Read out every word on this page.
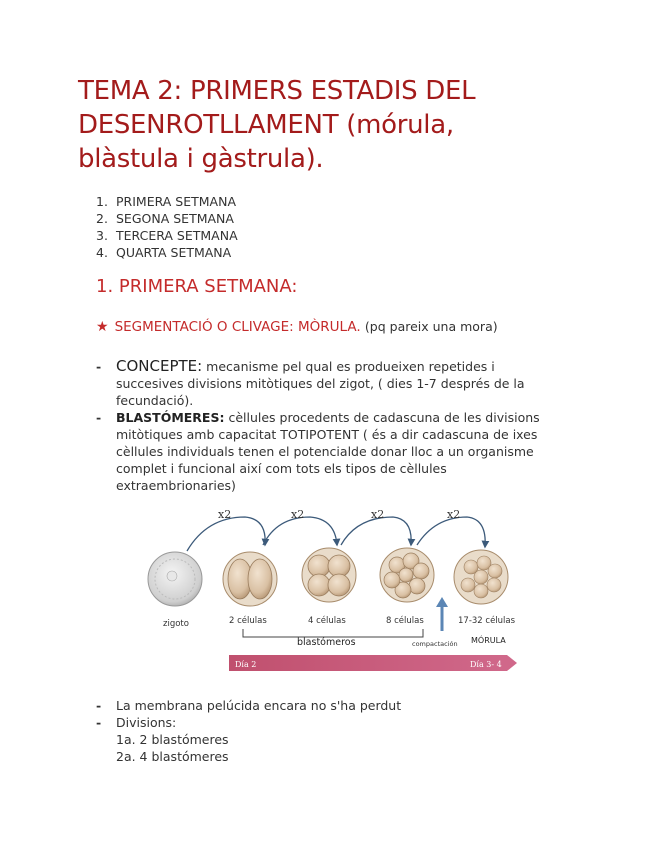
TEMA 2: PRIMERS ESTADIS DEL DESENROTLLAMENT (mórula, blàstula i gàstrula).
1. PRIMERA SETMANA
2. SEGONA SETMANA
3. TERCERA SETMANA
4. QUARTA SETMANA
1. PRIMERA SETMANA:
★ SEGMENTACIÓ O CLIVAGE: MÒRULA. (pq pareix una mora)
- CONCEPTE: mecanisme pel qual es produeixen repetides i succesives divisions mitòtiques del zigot, ( dies 1-7 després de la fecundació).
-	BLASTÓMERES: cèllules procedents de cadascuna de les divisions mitòtiques amb capacitat TOTIPOTENT ( és a dir cadascuna de ixes cèllules individuals tenen el potencialde donar lloc a un organisme complet i funcional així com tots els tipos de cèllules extraembrionaries)
x2	x2	x2	x2
zigoto	2 células	4 células	8 células	17-32 células
blastómeros	compactación MÓRULA
Día 2	Día 3- 4
-	La membrana pelúcida encara no s'ha perdut
-	Divisions:
1a. 2 blastómeres
2a. 4 blastómeres
